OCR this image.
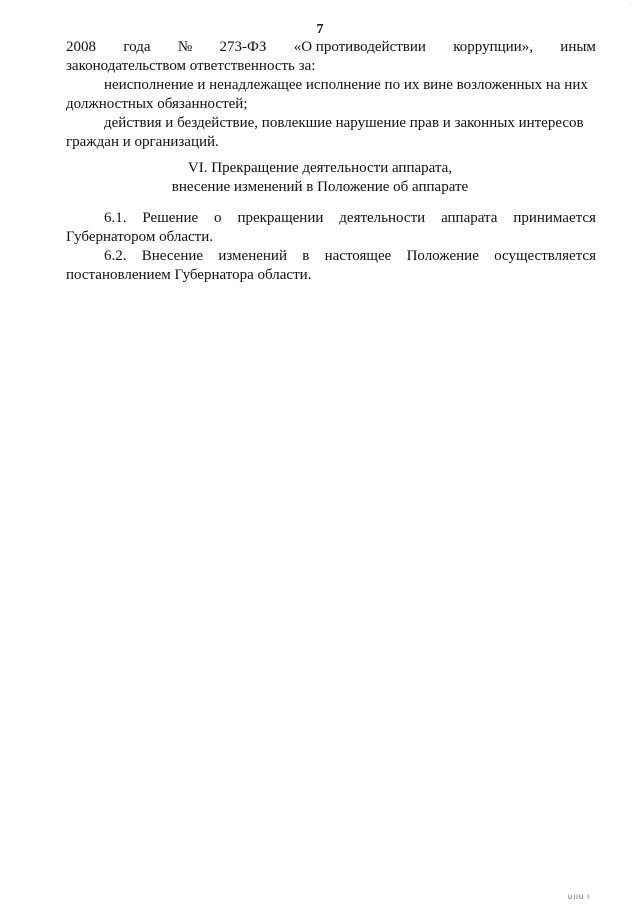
.
7
2008 года № 273-ФЗ «О противодействии коррупции», иным
законодательством ответственность за:
неисполнение и ненадлежащее исполнение по их вине возложенных на них
должностных обязанностей;
действия и бездействие, повлекшие нарушение прав и законных интересов
граждан и организаций.
VI. Прекращение деятельности аппарата,
внесение изменений в Положение об аппарате
6.1. Решение о прекращении деятельности аппарата принимается
Губернатором области.
6.2. Внесение изменений в настоящее Положение осуществляется
постановлением Губернатора области.
UIIU I
